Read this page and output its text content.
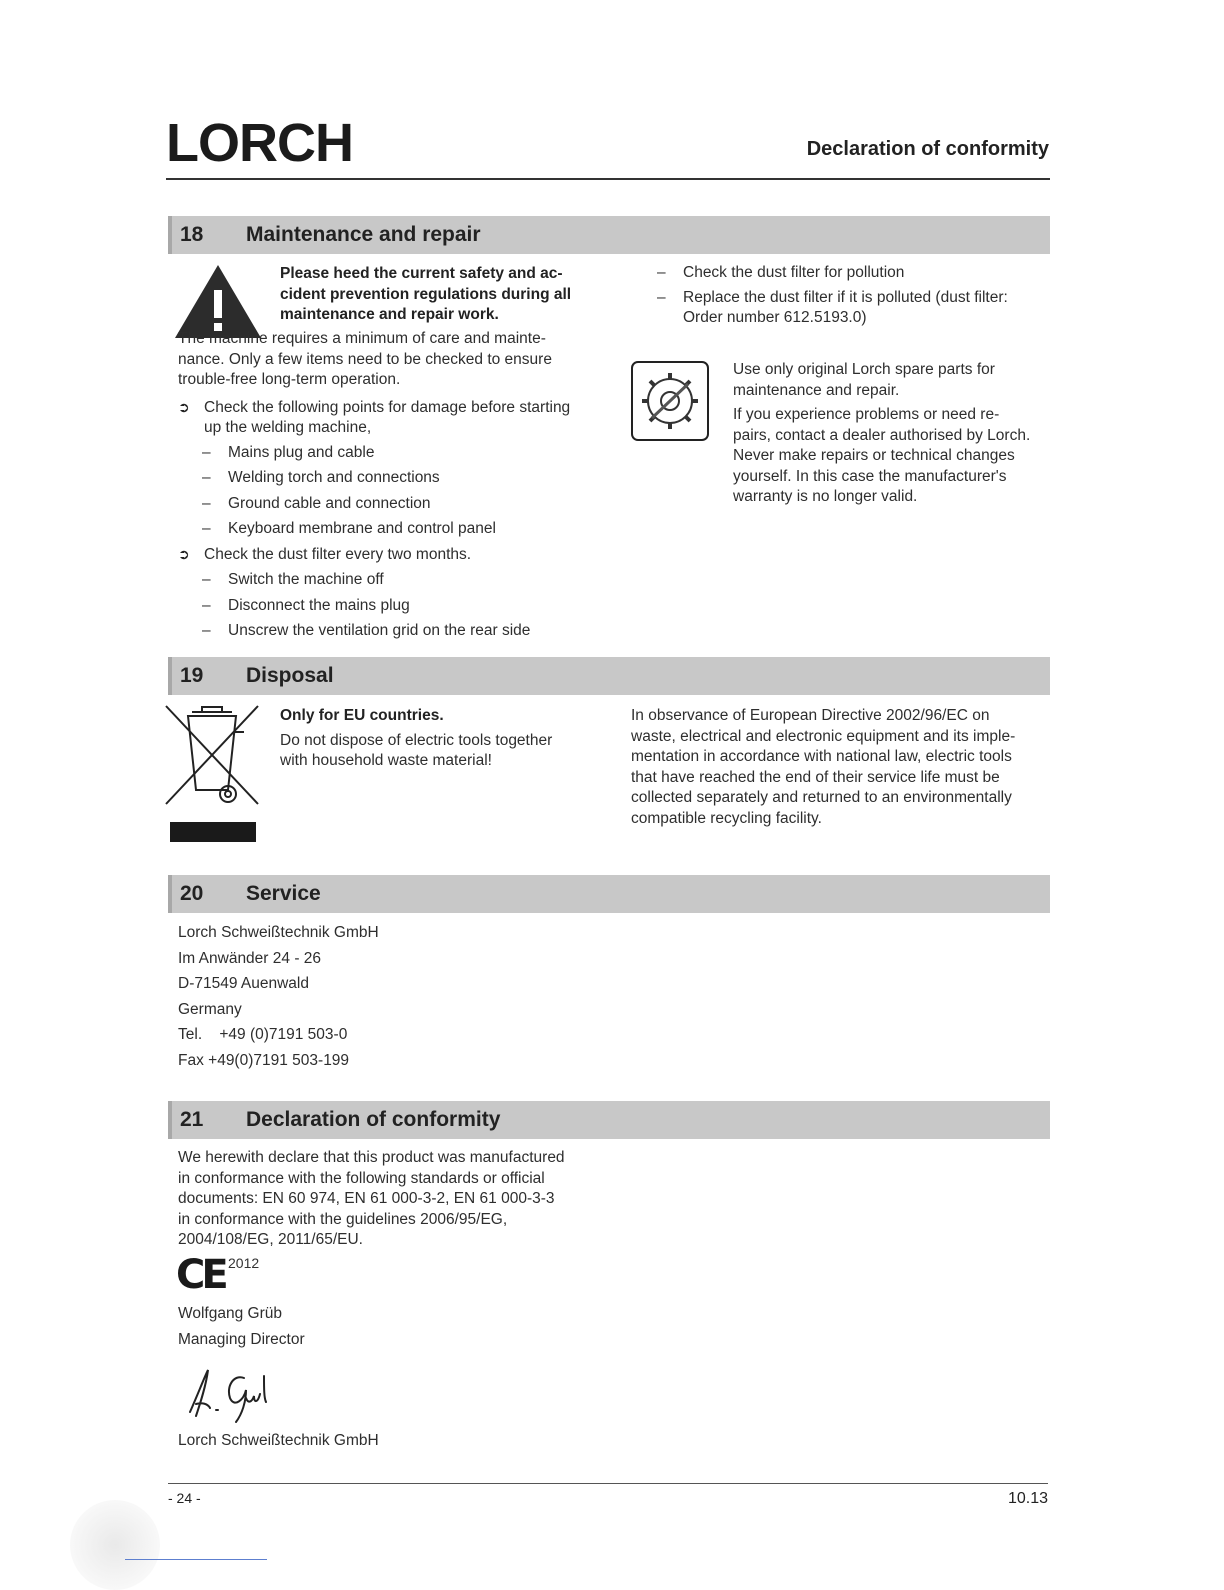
LORCH	Declaration of conformity
18	Maintenance and repair
Please heed the current safety and ac-
cident prevention regulations during all
maintenance and repair work.
The machine requires a minimum of care and mainte-
nance. Only a few items need to be checked to ensure
trouble-free long-term operation.
➲ Check the following points for damage before starting
up the welding machine,
– Mains plug and cable
– Welding torch and connections
– Ground cable and connection
– Keyboard membrane and control panel
➲ Check the dust filter every two months.
– Switch the machine off
– Disconnect the mains plug
– Unscrew the ventilation grid on the rear side
– Check the dust filter for pollution
– Replace the dust filter if it is polluted (dust filter:
Order number 612.5193.0)
Use only original Lorch spare parts for
maintenance and repair.
If you experience problems or need re-
pairs, contact a dealer authorised by Lorch.
Never make repairs or technical changes
yourself. In this case the manufacturer's
warranty is no longer valid.
19	Disposal
Only for EU countries.
Do not dispose of electric tools together
with household waste material!
In observance of European Directive 2002/96/EC on
waste, electrical and electronic equipment and its imple-
mentation in accordance with national law, electric tools
that have reached the end of their service life must be
collected separately and returned to an environmentally
compatible recycling facility.
20	Service
Lorch Schweißtechnik GmbH
Im Anwänder 24 - 26
D-71549 Auenwald
Germany
Tel.    +49 (0)7191 503-0
Fax +49(0)7191 503-199
21	Declaration of conformity
We herewith declare that this product was manufactured
in conformance with the following standards or official
documents: EN 60 974, EN 61 000-3-2, EN 61 000-3-3
in conformance with the guidelines 2006/95/EG,
2004/108/EG, 2011/65/EU.
CE 2012
Wolfgang Grüb
Managing Director
Lorch Schweißtechnik GmbH
- 24 -	10.13
